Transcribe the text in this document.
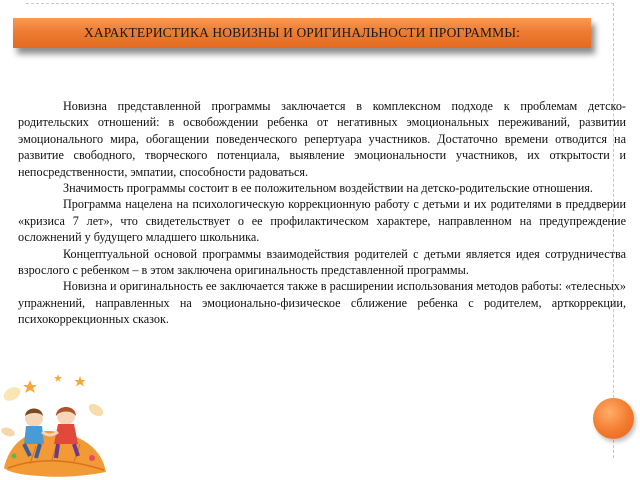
ХАРАКТЕРИСТИКА НОВИЗНЫ И ОРИГИНАЛЬНОСТИ ПРОГРАММЫ:

Новизна представленной программы заключается в комплексном подходе к проблемам детско-родительских отношений: в освобождении ребенка от негативных эмоциональных переживаний, развитии эмоционального мира, обогащении поведенческого репертуара участников. Достаточно времени отводится на развитие свободного, творческого потенциала, выявление эмоциональности участников, их открытости и непосредственности, эмпатии, способности радоваться.

Значимость программы состоит в ее положительном воздействии на детско-родительские отношения.

Программа нацелена на психологическую коррекционную работу с детьми и их родителями в преддверии «кризиса 7 лет», что свидетельствует о ее профилактическом характере, направленном на предупреждение осложнений у будущего младшего школьника.

Концептуальной основой программы взаимодействия родителей с детьми является идея сотрудничества взрослого с ребенком – в этом заключена оригинальность представленной программы.

Новизна и оригинальность ее заключается также в расширении использования методов работы: «телесных» упражнений, направленных на эмоционально-физическое сближение ребенка с родителем, арткоррекции, психокоррекционных сказок.
